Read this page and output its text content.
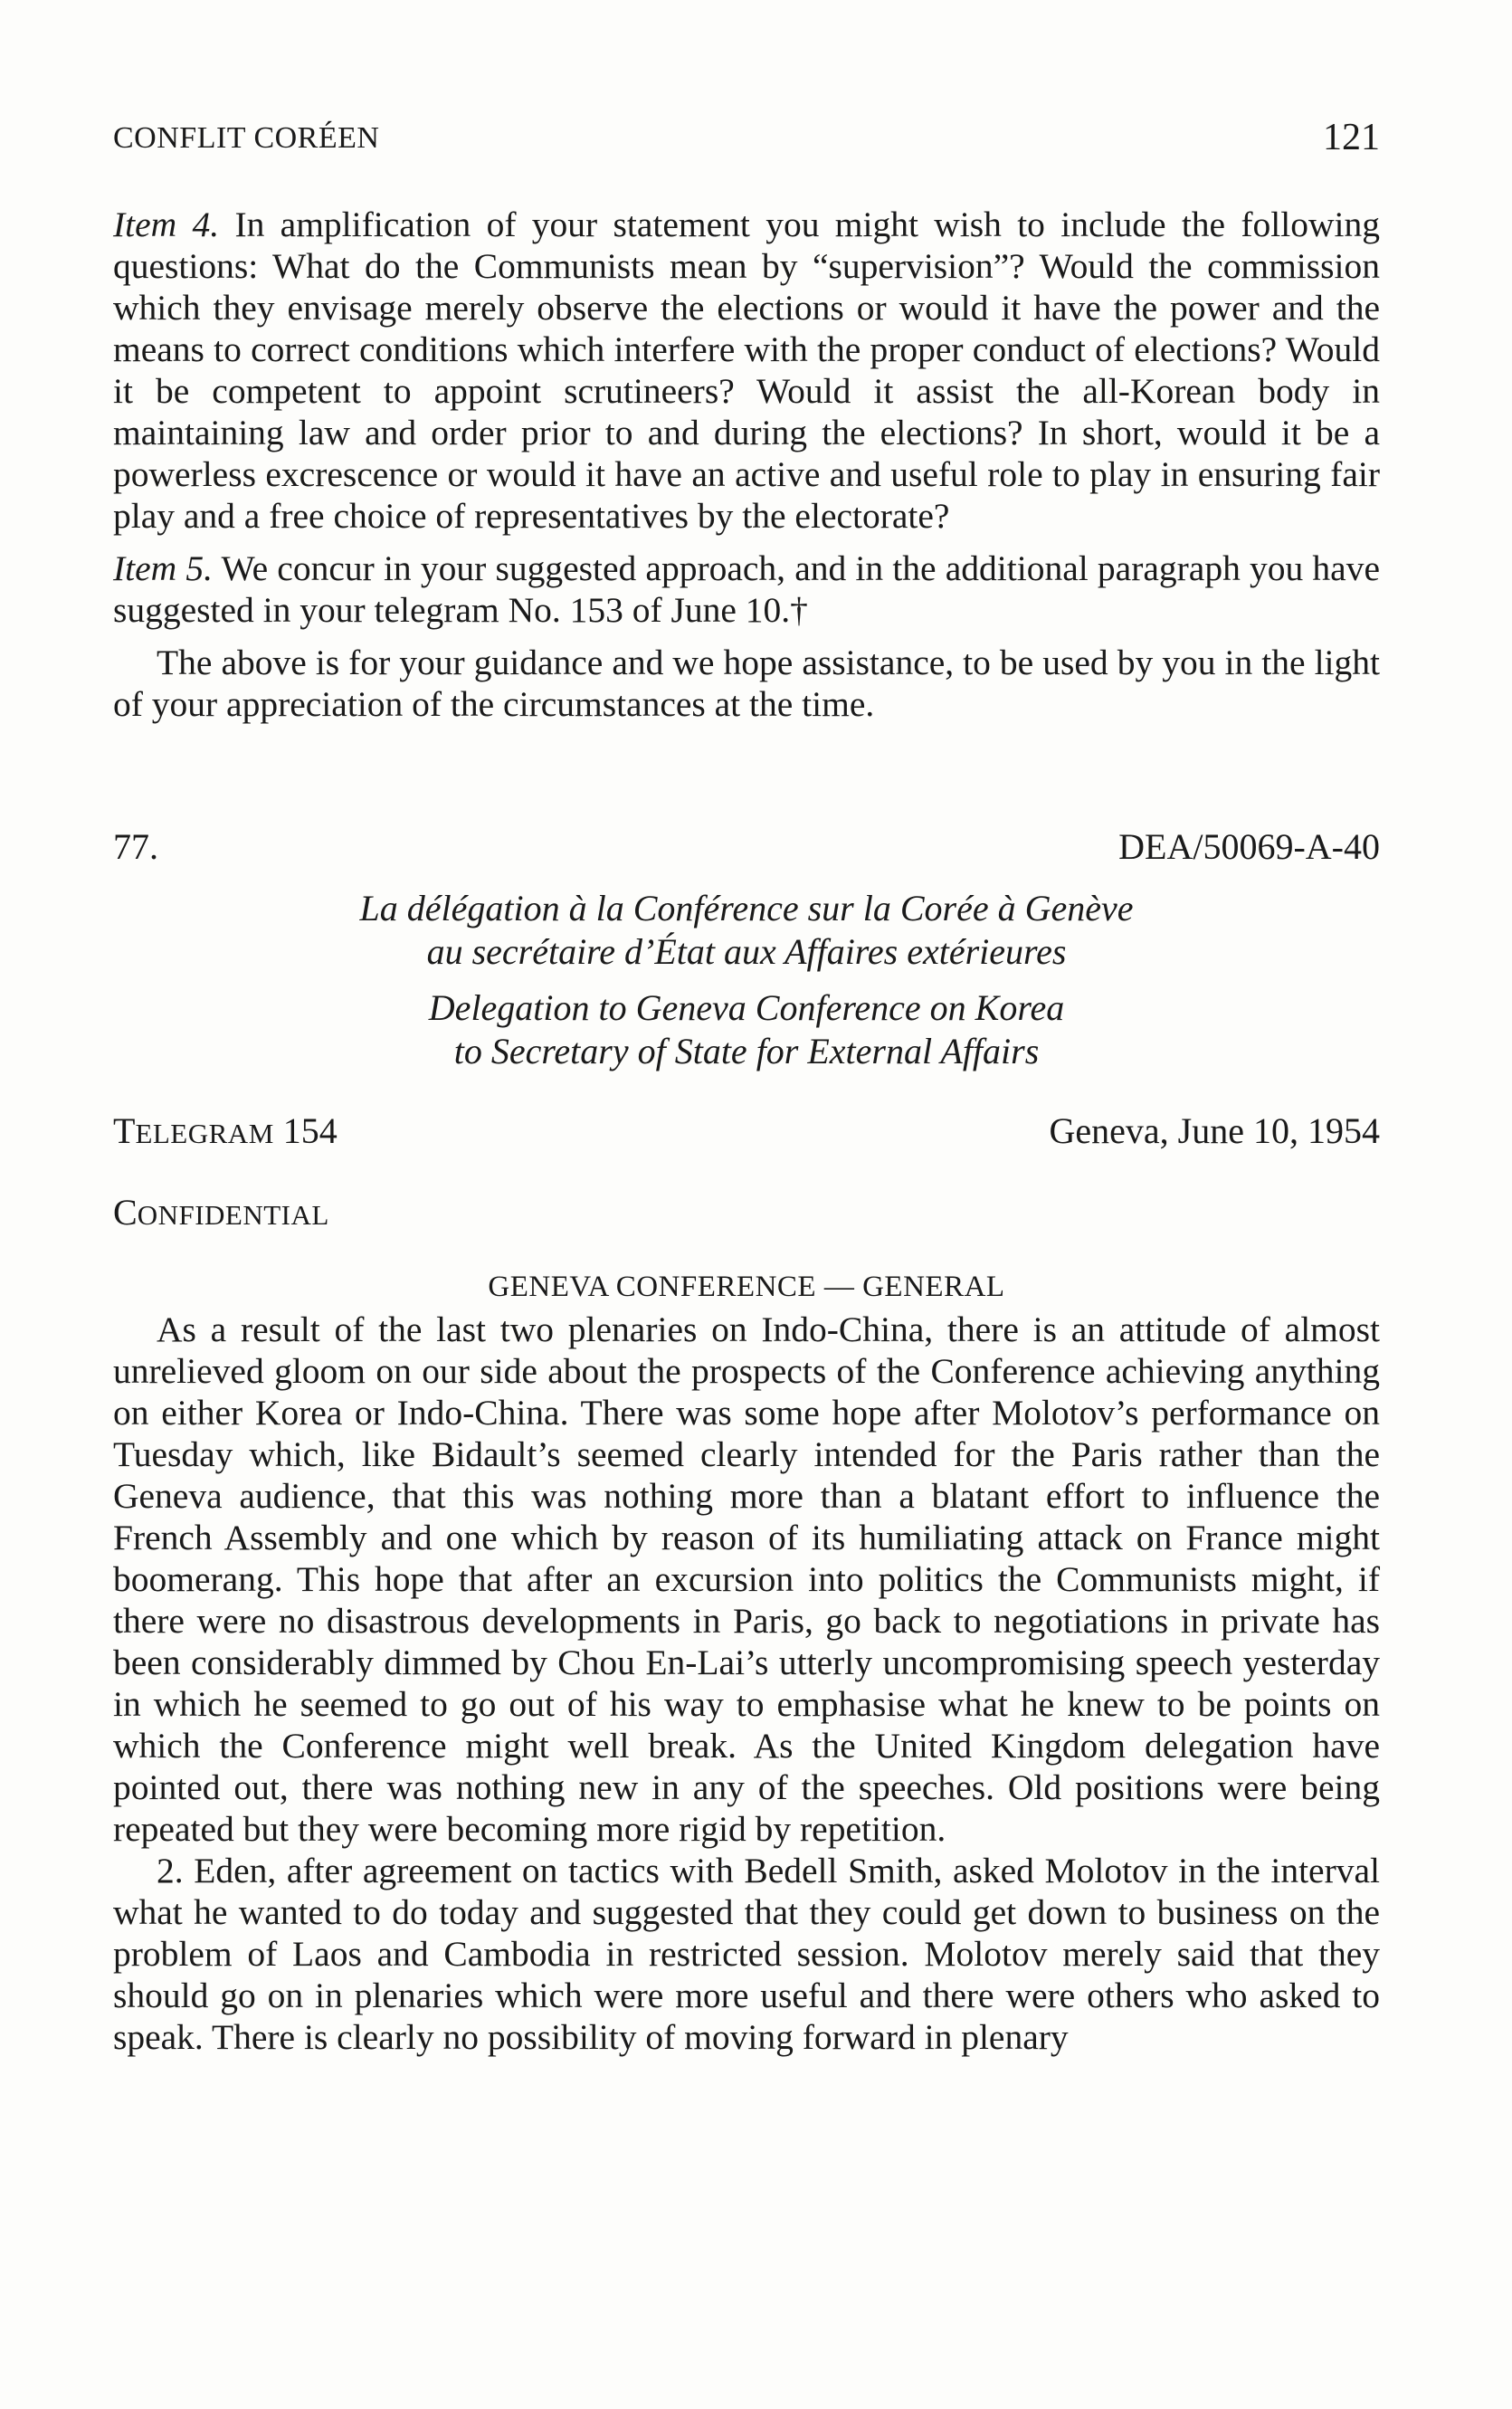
CONFLIT CORÉEN	121

Item 4. In amplification of your statement you might wish to include the following questions: What do the Communists mean by “supervision”? Would the commission which they envisage merely observe the elections or would it have the power and the means to correct conditions which interfere with the proper conduct of elections? Would it be competent to appoint scrutineers? Would it assist the all-Korean body in maintaining law and order prior to and during the elections? In short, would it be a powerless excrescence or would it have an active and useful role to play in ensuring fair play and a free choice of representatives by the electorate?

Item 5. We concur in your suggested approach, and in the additional paragraph you have suggested in your telegram No. 153 of June 10.†

The above is for your guidance and we hope assistance, to be used by you in the light of your appreciation of the circumstances at the time.

77.	DEA/50069-A-40
La délégation à la Conférence sur la Corée à Genève
au secrétaire d’État aux Affaires extérieures
Delegation to Geneva Conference on Korea
to Secretary of State for External Affairs
TELEGRAM 154	Geneva, June 10, 1954
CONFIDENTIAL
GENEVA CONFERENCE — GENERAL

As a result of the last two plenaries on Indo-China, there is an attitude of almost unrelieved gloom on our side about the prospects of the Conference achieving anything on either Korea or Indo-China. There was some hope after Molotov’s performance on Tuesday which, like Bidault’s seemed clearly intended for the Paris rather than the Geneva audience, that this was nothing more than a blatant effort to influence the French Assembly and one which by reason of its humiliating attack on France might boomerang. This hope that after an excursion into politics the Communists might, if there were no disastrous developments in Paris, go back to negotiations in private has been considerably dimmed by Chou En-Lai’s utterly uncompromising speech yesterday in which he seemed to go out of his way to emphasise what he knew to be points on which the Conference might well break. As the United Kingdom delegation have pointed out, there was nothing new in any of the speeches. Old positions were being repeated but they were becoming more rigid by repetition.

2. Eden, after agreement on tactics with Bedell Smith, asked Molotov in the interval what he wanted to do today and suggested that they could get down to business on the problem of Laos and Cambodia in restricted session. Molotov merely said that they should go on in plenaries which were more useful and there were others who asked to speak. There is clearly no possibility of moving forward in plenary
